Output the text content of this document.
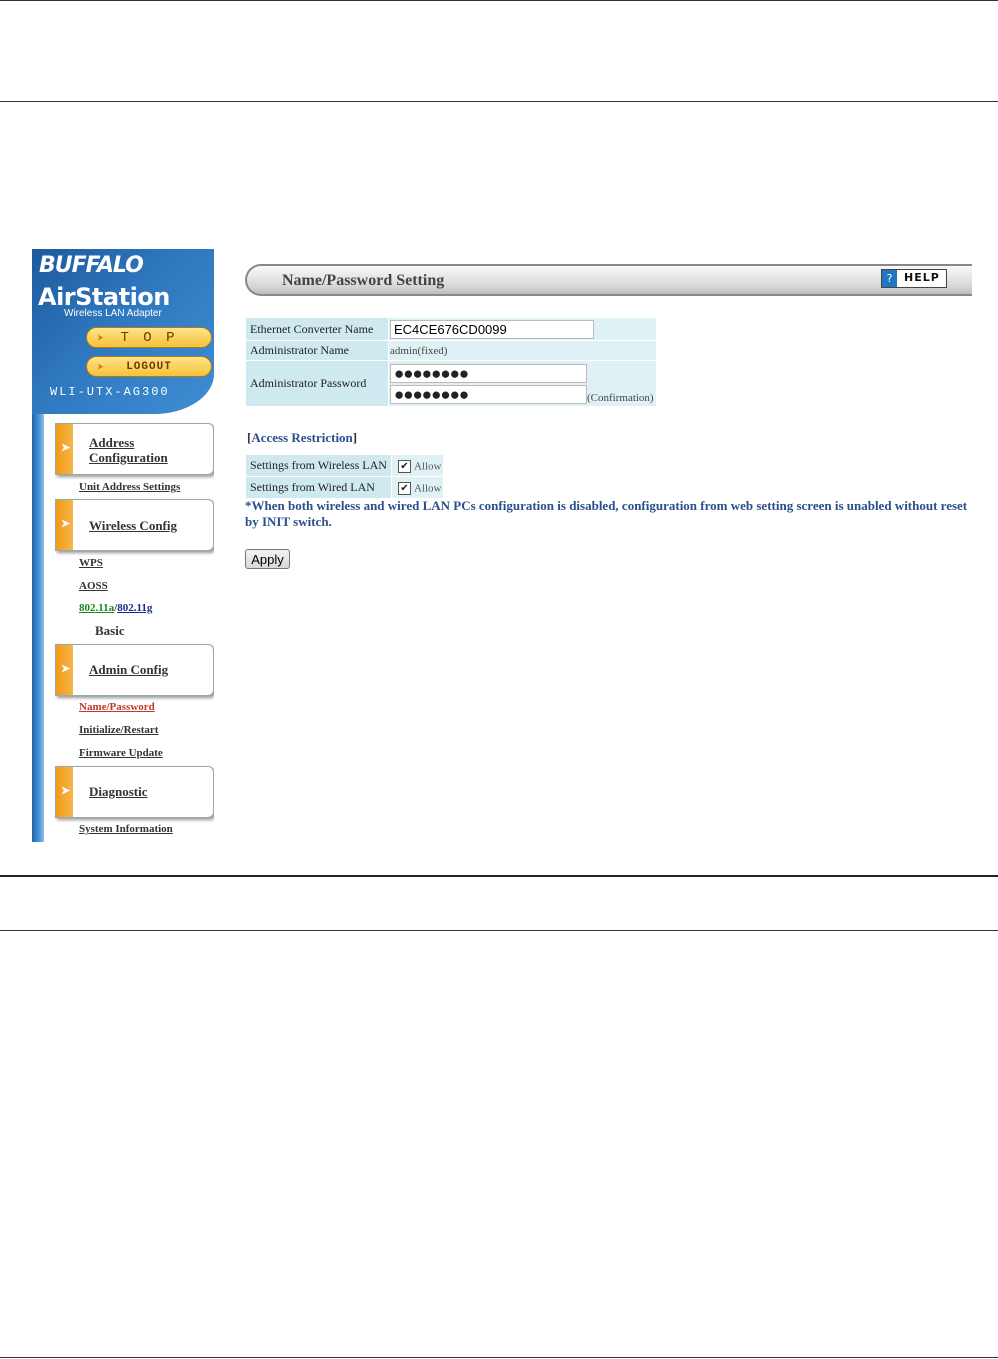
BUFFALO
AirStation
Wireless LAN Adapter
➤	T O P
➤	LOGOUT
WLI-UTX-AG300
➤ Address Configuration
Unit Address Settings
➤ Wireless Config
WPS
AOSS
802.11a/802.11g
Basic
➤ Admin Config
Name/Password
Initialize/Restart
Firmware Update
➤ Diagnostic
System Information
Name/Password Setting	?	HELP
Ethernet Converter Name	EC4CE676CD0099
Administrator Name	admin(fixed)
Administrator Password	●●●●●●●●
●●●●●●●● (Confirmation)
[Access Restriction]
Settings from Wireless LAN	✔ Allow
Settings from Wired LAN	✔ Allow
*When both wireless and wired LAN PCs configuration is disabled, configuration from web setting screen is unabled without reset by INIT switch.
Apply
